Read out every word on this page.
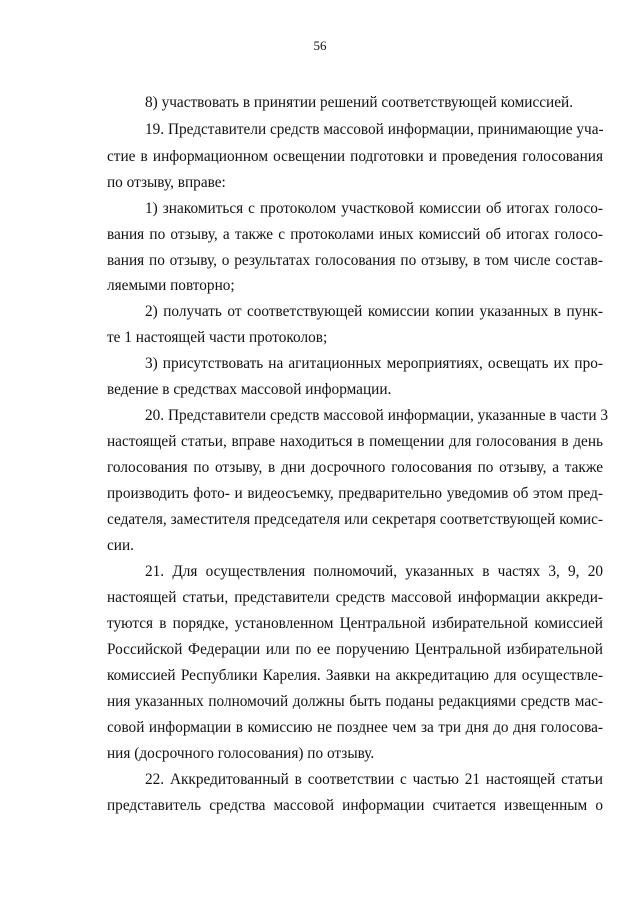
56
8) участвовать в принятии решений соответствующей комиссией.
19. Представители средств массовой информации, принимающие уча-
стие в информационном освещении подготовки и проведения голосования
по отзыву, вправе:
1) знакомиться с протоколом участковой комиссии об итогах голосо-
вания по отзыву, а также с протоколами иных комиссий об итогах голосо-
вания по отзыву, о результатах голосования по отзыву, в том числе состав-
ляемыми повторно;
2) получать от соответствующей комиссии копии указанных в пунк-
те 1 настоящей части протоколов;
3) присутствовать на агитационных мероприятиях, освещать их про-
ведение в средствах массовой информации.
20. Представители средств массовой информации, указанные в части 3
настоящей статьи, вправе находиться в помещении для голосования в день
голосования по отзыву, в дни досрочного голосования по отзыву, а также
производить фото- и видеосъемку, предварительно уведомив об этом пред-
седателя, заместителя председателя или секретаря соответствующей комис-
сии.
21. Для осуществления полномочий, указанных в частях 3, 9, 20
настоящей статьи, представители средств массовой информации аккреди-
туются в порядке, установленном Центральной избирательной комиссией
Российской Федерации или по ее поручению Центральной избирательной
комиссией Республики Карелия. Заявки на аккредитацию для осуществле-
ния указанных полномочий должны быть поданы редакциями средств мас-
совой информации в комиссию не позднее чем за три дня до дня голосова-
ния (досрочного голосования) по отзыву.
22. Аккредитованный в соответствии с частью 21 настоящей статьи
представитель средства массовой информации считается извещенным о
